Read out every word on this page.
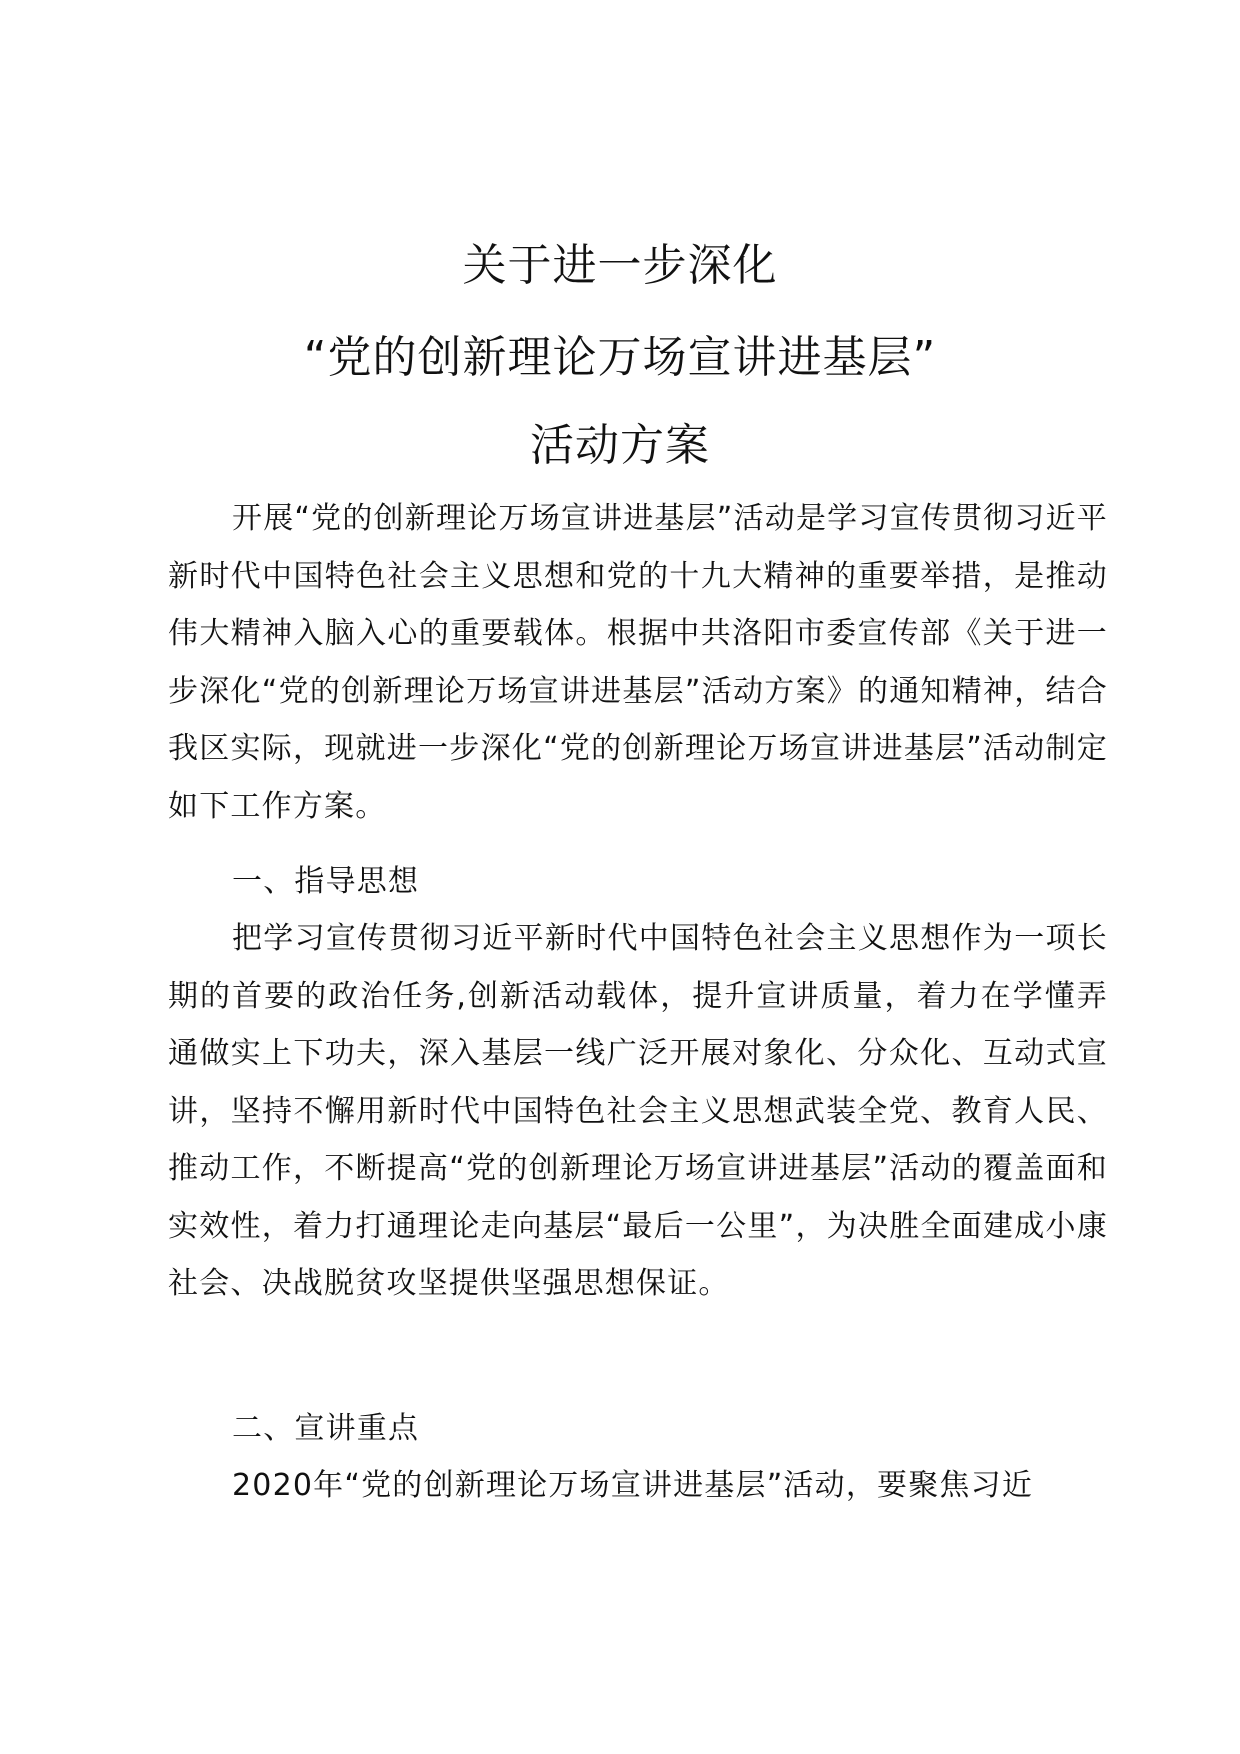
关于进一步深化
“党的创新理论万场宣讲进基层”
活动方案

开展“党的创新理论万场宣讲进基层”活动是学习宣传贯彻习近平新时代中国特色社会主义思想和党的十九大精神的重要举措，是推动伟大精神入脑入心的重要载体。根据中共洛阳市委宣传部《关于进一步深化“党的创新理论万场宣讲进基层”活动方案》的通知精神，结合我区实际，现就进一步深化“党的创新理论万场宣讲进基层”活动制定如下工作方案。

一、指导思想

把学习宣传贯彻习近平新时代中国特色社会主义思想作为一项长期的首要的政治任务,创新活动载体，提升宣讲质量，着力在学懂弄通做实上下功夫，深入基层一线广泛开展对象化、分众化、互动式宣讲，坚持不懈用新时代中国特色社会主义思想武装全党、教育人民、推动工作，不断提高“党的创新理论万场宣讲进基层”活动的覆盖面和实效性，着力打通理论走向基层“最后一公里”，为决胜全面建成小康社会、决战脱贫攻坚提供坚强思想保证。

二、宣讲重点

2020年“党的创新理论万场宣讲进基层”活动，要聚焦习近
